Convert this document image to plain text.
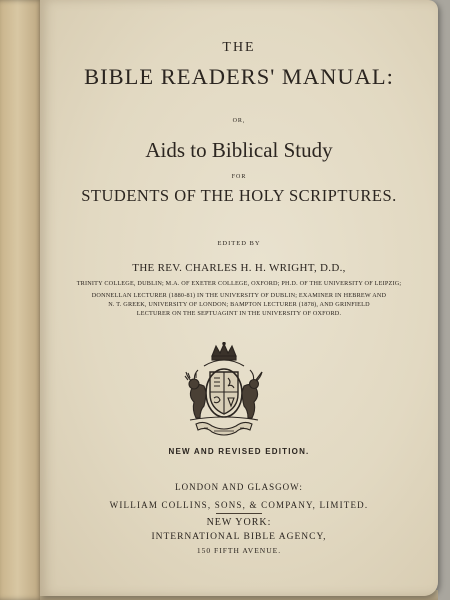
THE
BIBLE READERS' MANUAL:
OR,
Aids to Biblical Study
FOR
STUDENTS OF THE HOLY SCRIPTURES.
EDITED BY
THE REV. CHARLES H. H. WRIGHT, D.D.,
TRINITY COLLEGE, DUBLIN; M.A. OF EXETER COLLEGE, OXFORD; PH.D. OF THE UNIVERSITY OF LEIPZIG;
DONNELLAN LECTURER (1880-81) IN THE UNIVERSITY OF DUBLIN; EXAMINER IN HEBREW AND
N. T. GREEK, UNIVERSITY OF LONDON; BAMPTON LECTURER (1878), AND GRINFIELD
LECTURER ON THE SEPTUAGINT IN THE UNIVERSITY OF OXFORD.
NEW AND REVISED EDITION.
LONDON AND GLASGOW:
WILLIAM COLLINS, SONS, & COMPANY, LIMITED.
NEW YORK:
INTERNATIONAL BIBLE AGENCY,
150 FIFTH AVENUE.
